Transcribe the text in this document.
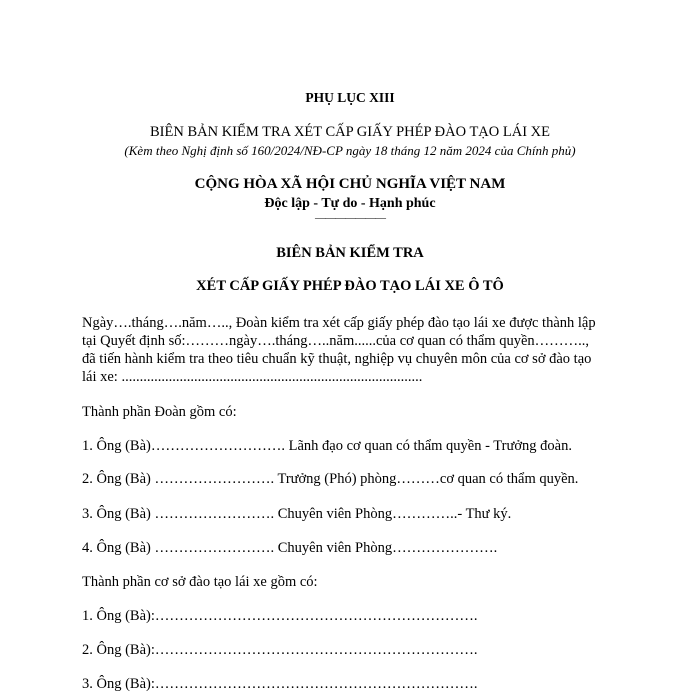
PHỤ LỤC XIII
BIÊN BẢN KIỂM TRA XÉT CẤP GIẤY PHÉP ĐÀO TẠO LÁI XE
(Kèm theo Nghị định số 160/2024/NĐ-CP ngày 18 tháng 12 năm 2024 của Chính phủ)
CỘNG HÒA XÃ HỘI CHỦ NGHĨA VIỆT NAM
Độc lập - Tự do - Hạnh phúc
———————
BIÊN BẢN KIỂM TRA
XÉT CẤP GIẤY PHÉP ĐÀO TẠO LÁI XE Ô TÔ
Ngày….tháng….năm….., Đoàn kiểm tra xét cấp giấy phép đào tạo lái xe được thành lập
tại Quyết định số:………ngày….tháng…..năm......của cơ quan có thẩm quyền………..,
đã tiến hành kiểm tra theo tiêu chuẩn kỹ thuật, nghiệp vụ chuyên môn của cơ sở đào tạo
lái xe: ...................................................................................
Thành phần Đoàn gồm có:
1. Ông (Bà)………………………. Lãnh đạo cơ quan có thẩm quyền - Trưởng đoàn.
2. Ông (Bà) ……………………. Trưởng (Phó) phòng………cơ quan có thẩm quyền.
3. Ông (Bà) ……………………. Chuyên viên Phòng…………..- Thư ký.
4. Ông (Bà) ……………………. Chuyên viên Phòng………………….
Thành phần cơ sở đào tạo lái xe gồm có:
1. Ông (Bà):………………………………………………………….
2. Ông (Bà):………………………………………………………….
3. Ông (Bà):………………………………………………………….
